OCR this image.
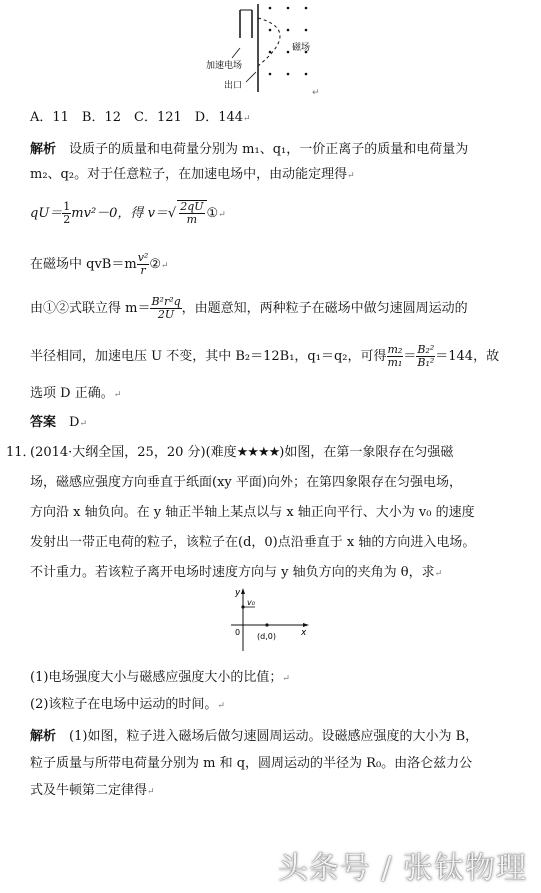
磁场
加速电场
出口
↵
A．11　B．12　C．121　D．144↵
解析　 设质子的质量和电荷量分别为 m₁、q₁，一价正离子的质量和电荷量为
m₂、q₂。对于任意粒子，在加速电场中，由动能定理得↵
$qU= \frac{1}{2} mv^2-0$，得 $v=√ \frac{2qU}{m}$ ①↵
在磁场中 $qvB=m \frac{\text{v²}}{r}$ ②↵
由①②式联立得 $m= \frac{\text{B²r²q}}{2U}$ ，由题意知，两种粒子在磁场中做匀速圆周运动的
半径相同，加速电压 U 不变，其中 B₂＝12B₁，q₁＝q₂，可得 $\frac{\text{m₂}}{\text{m₁}} = \frac{\text{B₂²}}{\text{B₁²}} =144$，故
选项 D 正确。↵
答案　 D↵
11．
(2014·大纲全国，25，20 分)(难度★★★★)如图，在第一象限存在匀强磁
场，磁感应强度方向垂直于纸面(xy 平面)向外；在第四象限存在匀强电场，
方向沿 x 轴负向。在 y 轴正半轴上某点以与 x 轴正向平行、大小为 v₀ 的速度
发射出一带正电荷的粒子，该粒子在(d，0)点沿垂直于 x 轴的方向进入电场。
不计重力。若该粒子离开电场时速度方向与 y 轴负方向的夹角为 θ，求↵
y
x
v₀
0 (d,0)
(1)电场强度大小与磁感应强度大小的比值；↵
(2)该粒子在电场中运动的时间。↵
解析　 (1)如图，粒子进入磁场后做匀速圆周运动。设磁感应强度的大小为 B，
粒子质量与所带电荷量分别为 m 和 q，圆周运动的半径为 R₀。由洛仑兹力公
式及牛顿第二定律得↵
头条号 / 张钛物理
